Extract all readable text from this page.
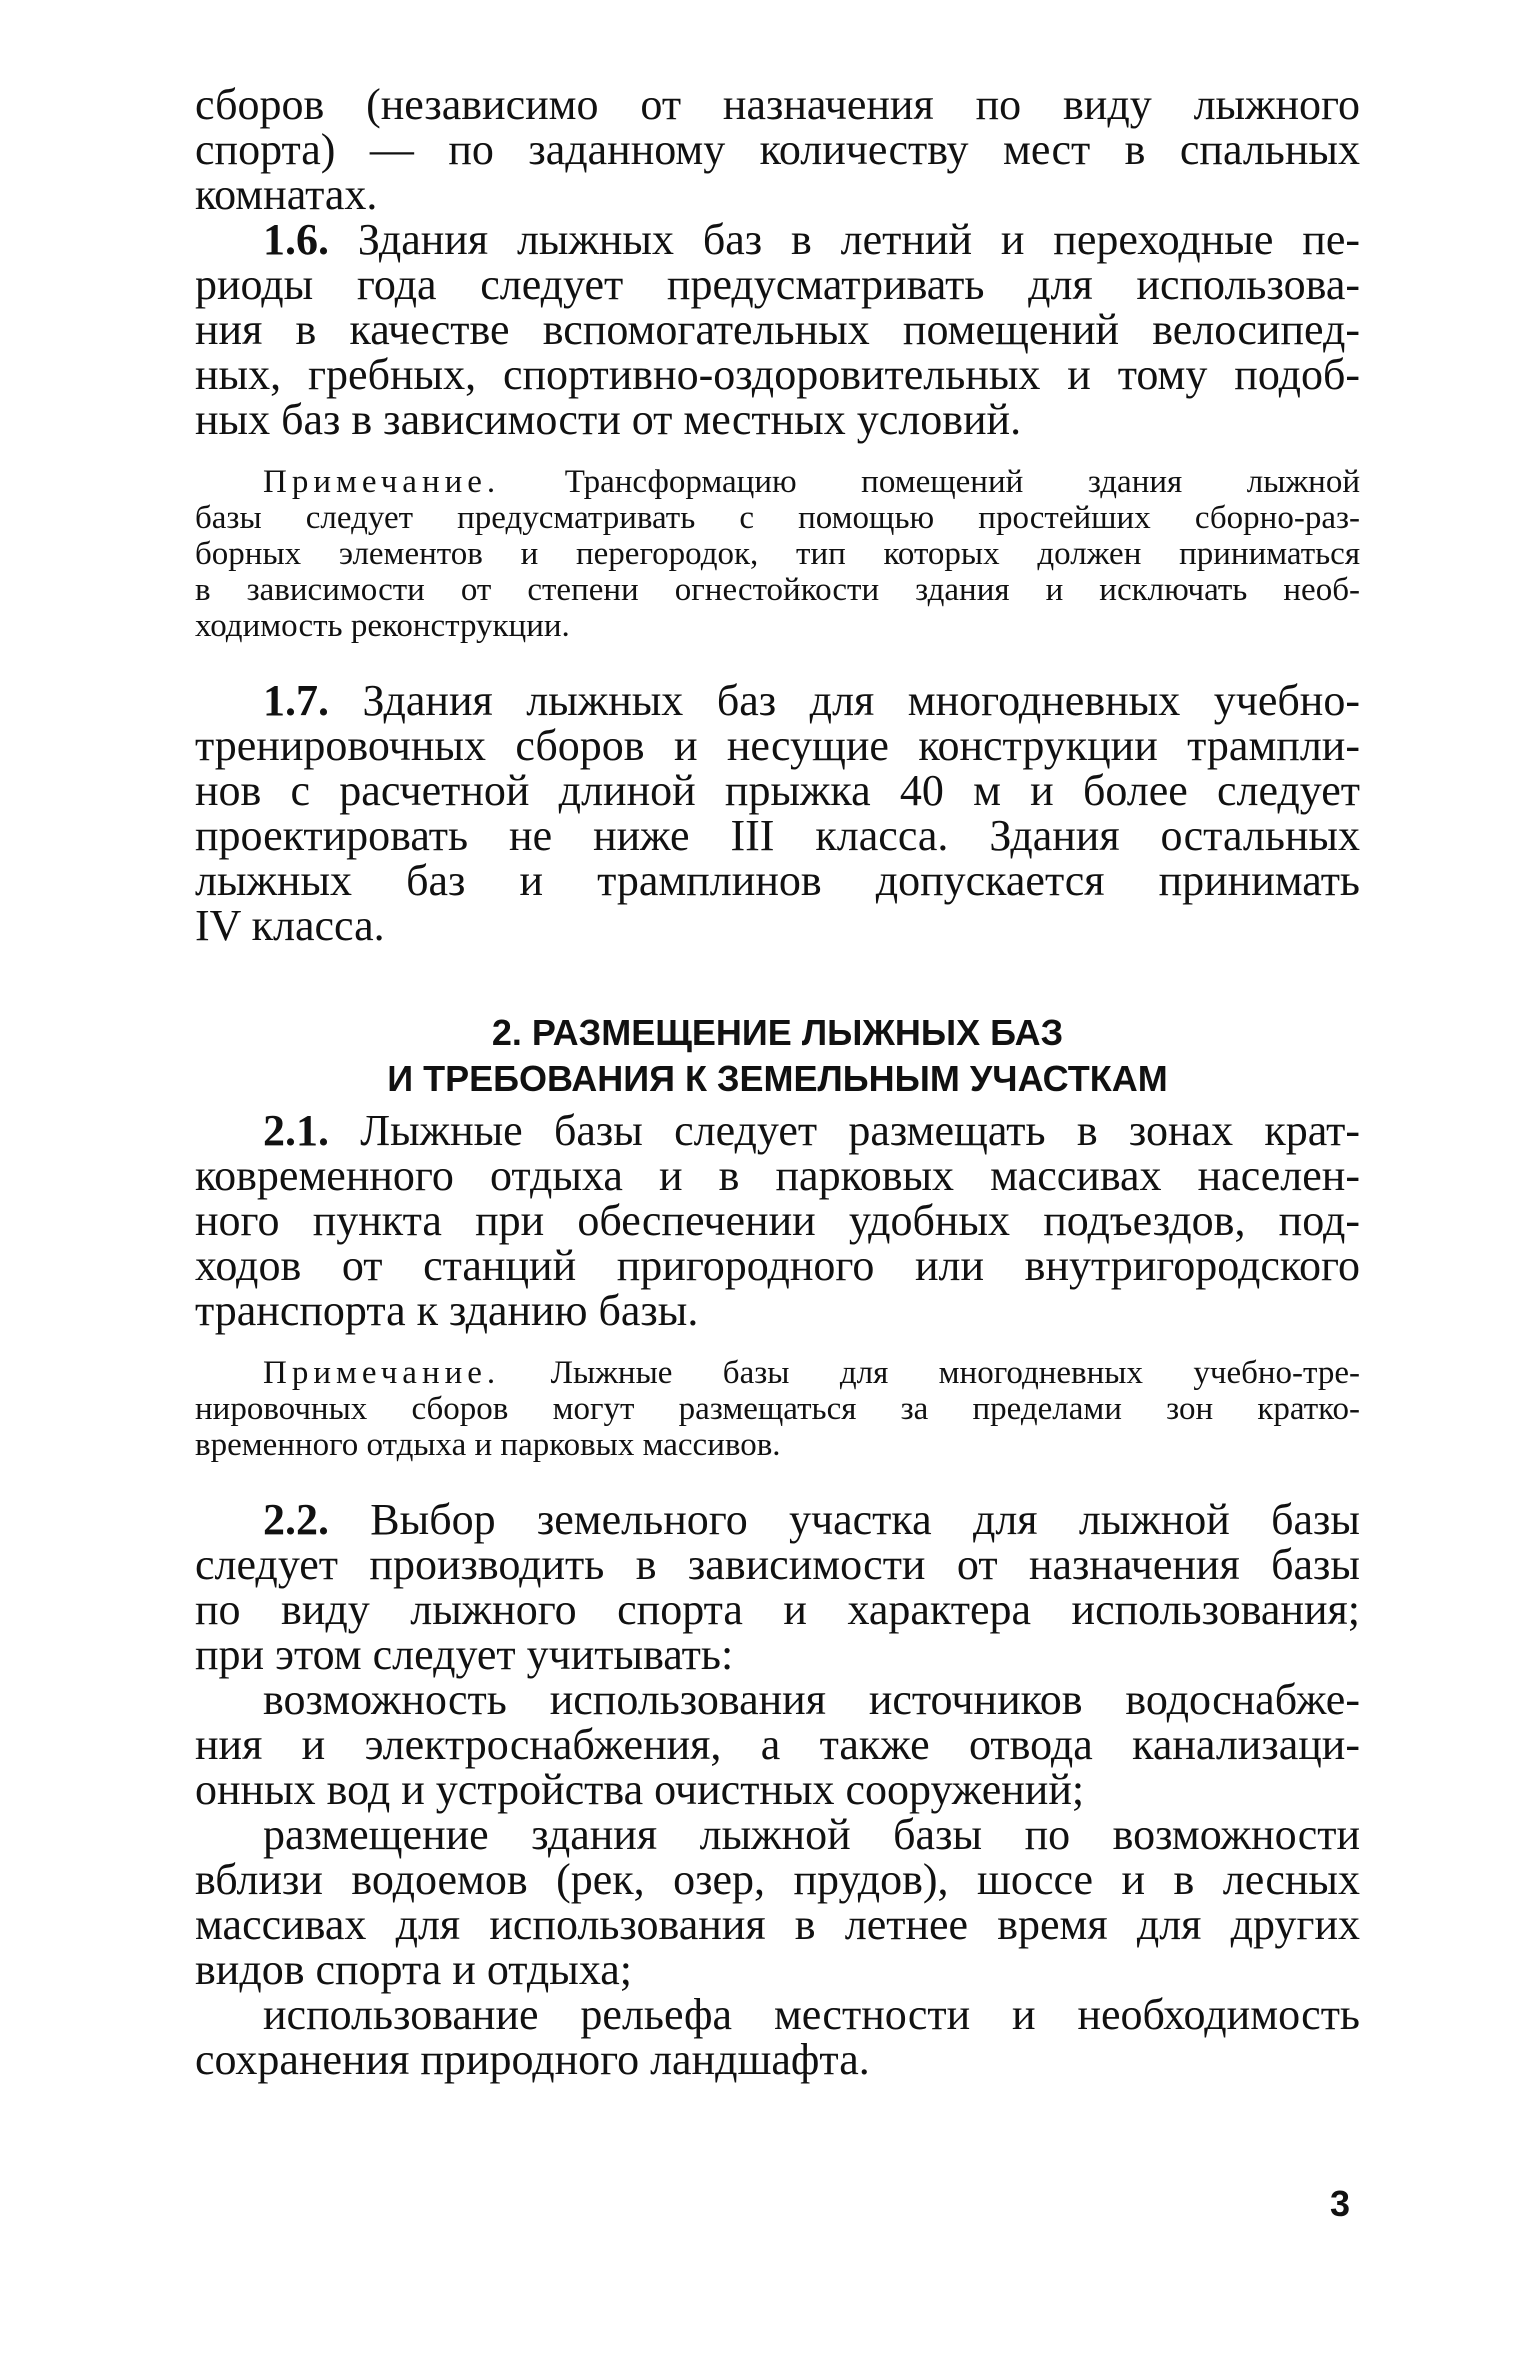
сборов (независимо от назначения по виду лыжного
спорта) — по заданному количеству мест в спальных
комнатах.

1.6. Здания лыжных баз в летний и переходные пе-
риоды года следует предусматривать для использова-
ния в качестве вспомогательных помещений велосипед-
ных, гребных, спортивно-оздоровительных и тому подоб-
ных баз в зависимости от местных условий.

Примечание. Трансформацию помещений здания лыжной
базы следует предусматривать с помощью простейших сборно-раз-
борных элементов и перегородок, тип которых должен приниматься
в зависимости от степени огнестойкости здания и исключать необ-
ходимость реконструкции.

1.7. Здания лыжных баз для многодневных учебно-
тренировочных сборов и несущие конструкции трампли-
нов с расчетной длиной прыжка 40 м и более следует
проектировать не ниже III класса. Здания остальных
лыжных баз и трамплинов допускается принимать
IV класса.

2. РАЗМЕЩЕНИЕ ЛЫЖНЫХ БАЗ

И ТРЕБОВАНИЯ К ЗЕМЕЛЬНЫМ УЧАСТКАМ

2.1. Лыжные базы следует размещать в зонах крат-
ковременного отдыха и в парковых массивах населен-
ного пункта при обеспечении удобных подъездов, под-
ходов от станций пригородного или внутригородского
транспорта к зданию базы.

Примечание. Лыжные базы для многодневных учебно-тре-
нировочных сборов могут размещаться за пределами зон кратко-
временного отдыха и парковых массивов.

2.2. Выбор земельного участка для лыжной базы
следует производить в зависимости от назначения базы
по виду лыжного спорта и характера использования;
при этом следует учитывать:

возможность использования источников водоснабже-
ния и электроснабжения, а также отвода канализаци-
онных вод и устройства очистных сооружений;

размещение здания лыжной базы по возможности
вблизи водоемов (рек, озер, прудов), шоссе и в лесных
массивах для использования в летнее время для других
видов спорта и отдыха;

использование рельефа местности и необходимость
сохранения природного ландшафта.

3
